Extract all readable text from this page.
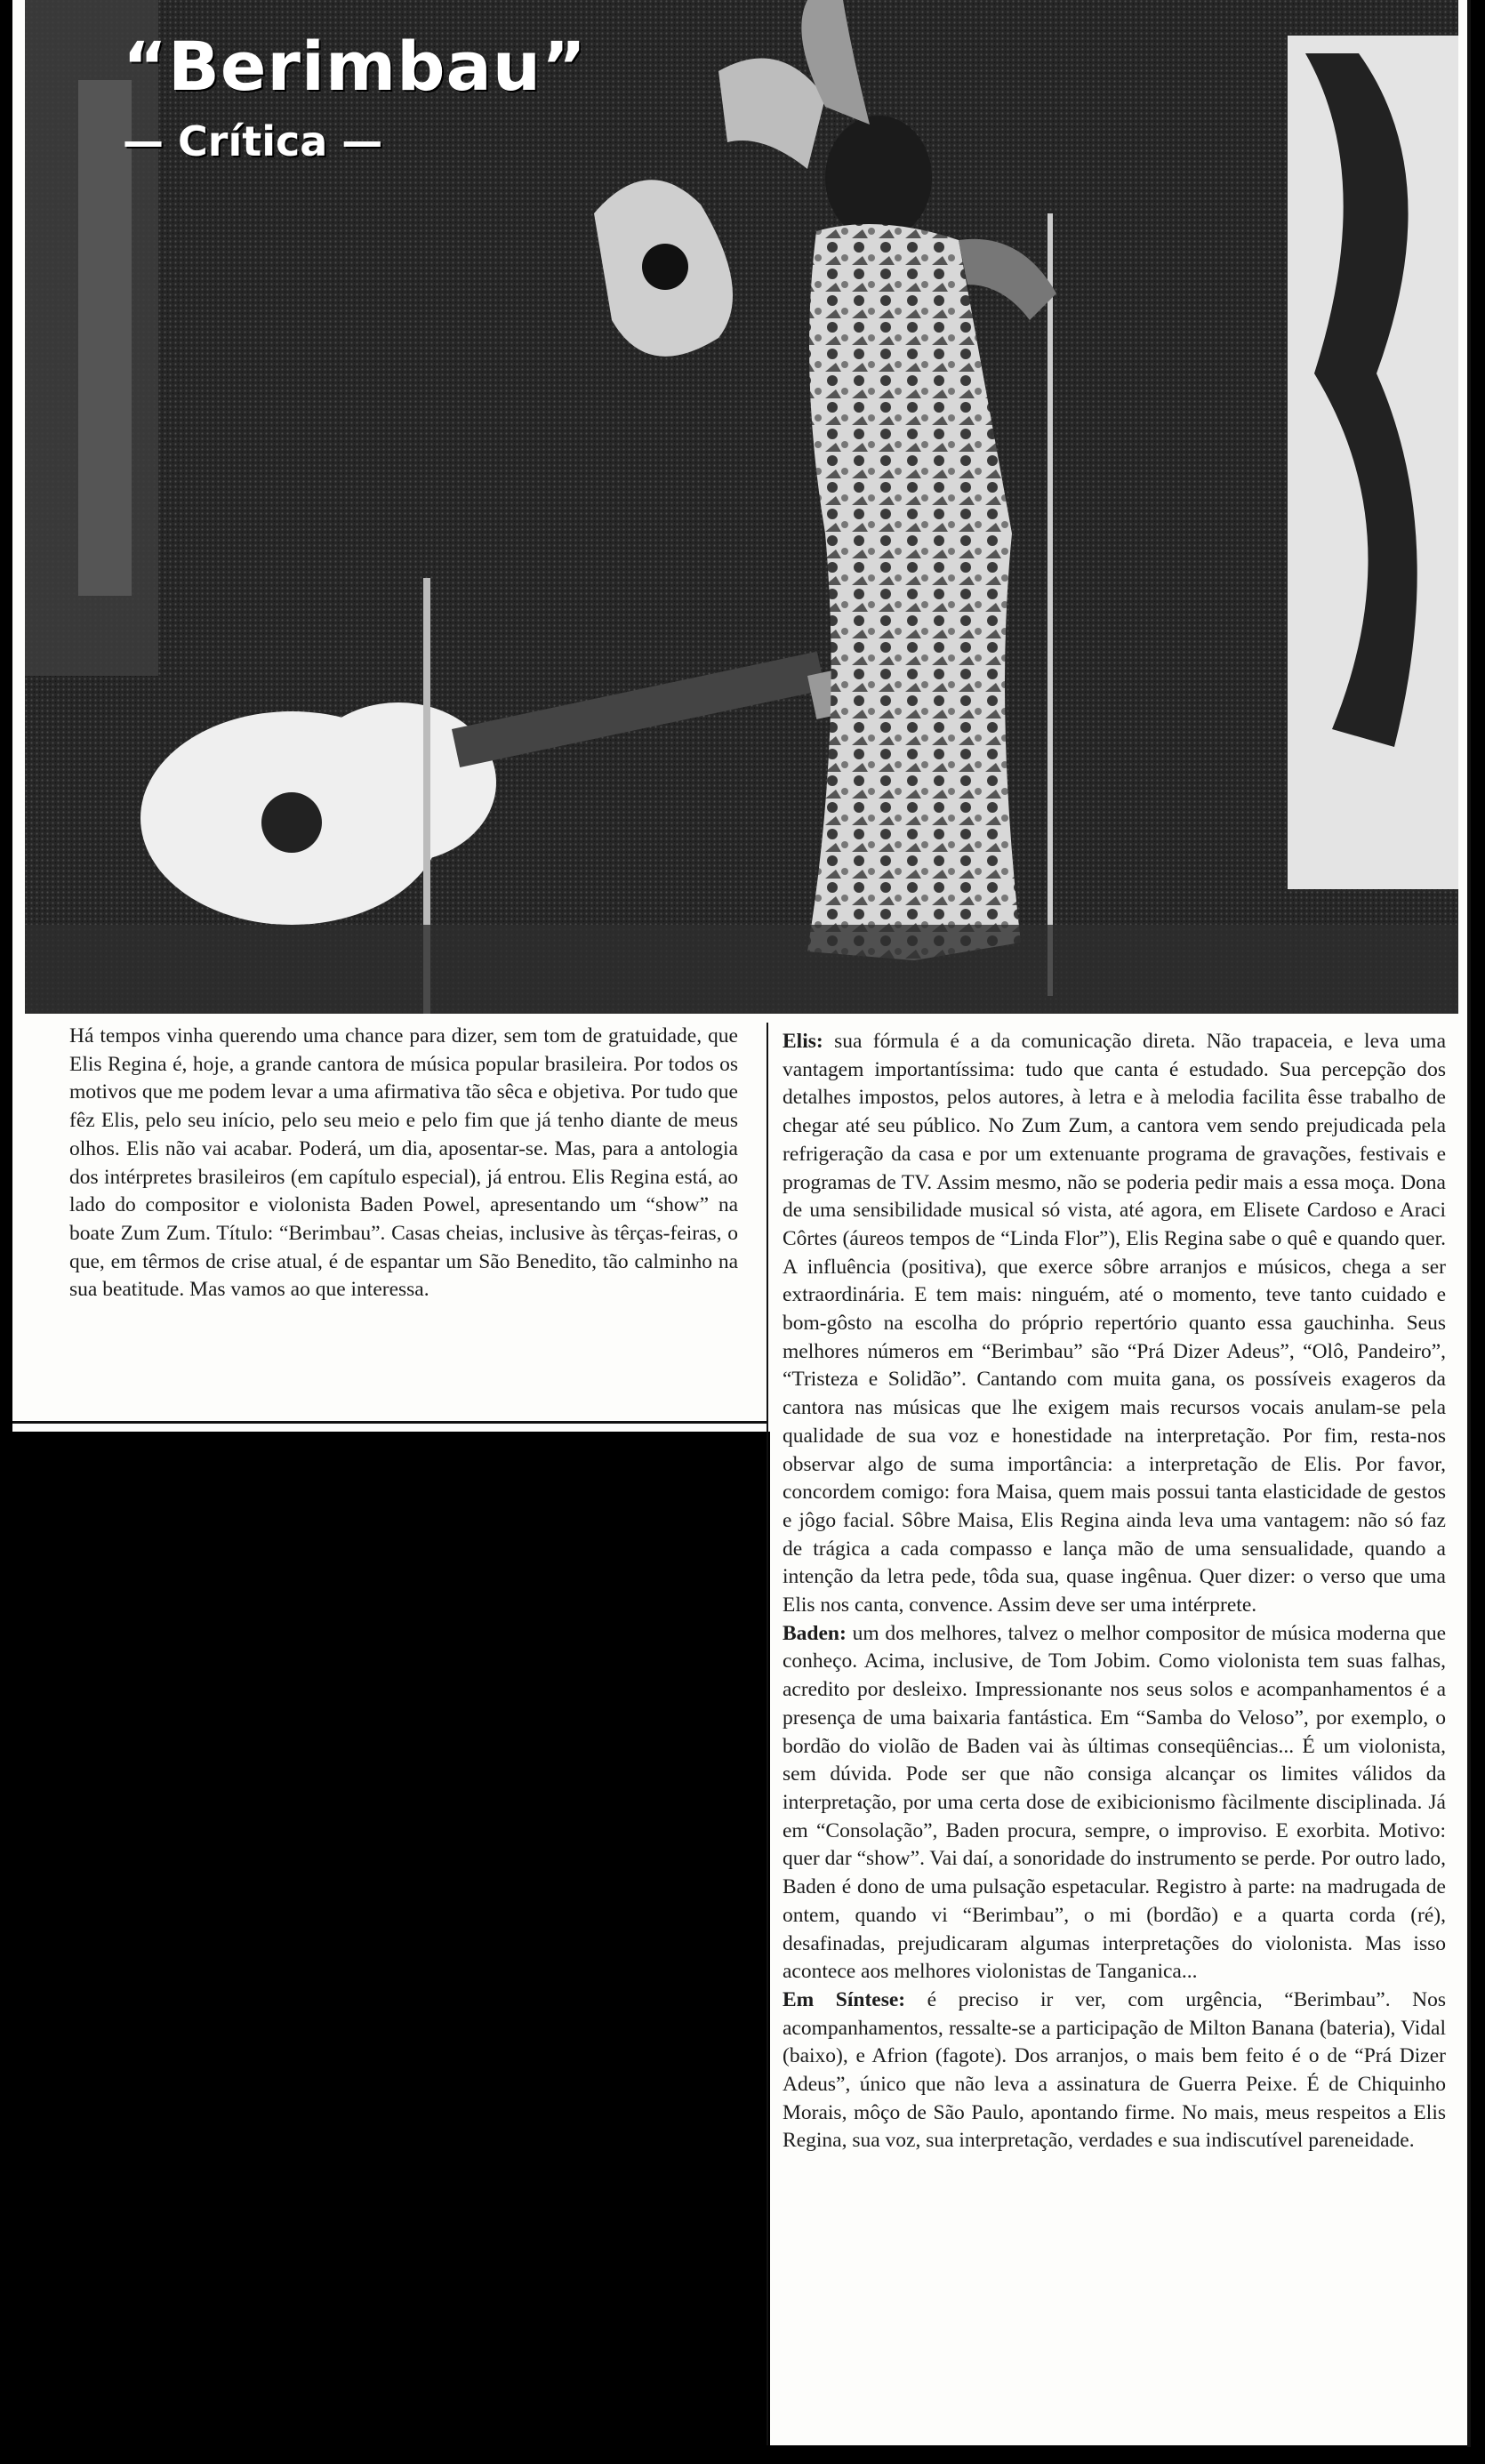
“Berimbau”
— Crítica —

Há tempos vinha querendo uma chance para dizer, sem tom de gratuidade, que Elis Regina é, hoje, a grande cantora de música popular brasileira. Por todos os motivos que me podem levar a uma afirmativa tão sêca e objetiva. Por tudo que fêz Elis, pelo seu início, pelo seu meio e pelo fim que já tenho diante de meus olhos. Elis não vai acabar. Poderá, um dia, aposentar-se. Mas, para a antologia dos intérpretes brasileiros (em capítulo especial), já entrou. Elis Regina está, ao lado do compositor e violonista Baden Powel, apresentando um “show” na boate Zum Zum. Título: “Berimbau”. Casas cheias, inclusive às têrças-feiras, o que, em têrmos de crise atual, é de espantar um São Benedito, tão calminho na sua beatitude. Mas vamos ao que interessa.

Elis: sua fórmula é a da comunicação direta. Não trapaceia, e leva uma vantagem importantíssima: tudo que canta é estudado. Sua percepção dos detalhes impostos, pelos autores, à letra e à melodia facilita êsse trabalho de chegar até seu público. No Zum Zum, a cantora vem sendo prejudicada pela refrigeração da casa e por um extenuante programa de gravações, festivais e programas de TV. Assim mesmo, não se poderia pedir mais a essa moça. Dona de uma sensibilidade musical só vista, até agora, em Elisete Cardoso e Araci Côrtes (áureos tempos de “Linda Flor”), Elis Regina sabe o quê e quando quer. A influência (positiva), que exerce sôbre arranjos e músicos, chega a ser extraordinária. E tem mais: ninguém, até o momento, teve tanto cuidado e bom-gôsto na escolha do próprio repertório quanto essa gauchinha. Seus melhores números em “Berimbau” são “Prá Dizer Adeus”, “Olô, Pandeiro”, “Tristeza e Solidão”. Cantando com muita gana, os possíveis exageros da cantora nas músicas que lhe exigem mais recursos vocais anulam-se pela qualidade de sua voz e honestidade na interpretação. Por fim, resta-nos observar algo de suma importância: a interpretação de Elis. Por favor, concordem comigo: fora Maisa, quem mais possui tanta elasticidade de gestos e jôgo facial. Sôbre Maisa, Elis Regina ainda leva uma vantagem: não só faz de trágica a cada compasso e lança mão de uma sensualidade, quando a intenção da letra pede, tôda sua, quase ingênua. Quer dizer: o verso que uma Elis nos canta, convence. Assim deve ser uma intérprete.

Baden: um dos melhores, talvez o melhor compositor de música moderna que conheço. Acima, inclusive, de Tom Jobim. Como violonista tem suas falhas, acredito por desleixo. Impressionante nos seus solos e acompanhamentos é a presença de uma baixaria fantástica. Em “Samba do Veloso”, por exemplo, o bordão do violão de Baden vai às últimas conseqüências... É um violonista, sem dúvida. Pode ser que não consiga alcançar os limites válidos da interpretação, por uma certa dose de exibicionismo fàcilmente disciplinada. Já em “Consolação”, Baden procura, sempre, o improviso. E exorbita. Motivo: quer dar “show”. Vai daí, a sonoridade do instrumento se perde. Por outro lado, Baden é dono de uma pulsação espetacular. Registro à parte: na madrugada de ontem, quando vi “Berimbau”, o mi (bordão) e a quarta corda (ré), desafinadas, prejudicaram algumas interpretações do violonista. Mas isso acontece aos melhores violonistas de Tanganica...

Em Síntese: é preciso ir ver, com urgência, “Berimbau”. Nos acompanhamentos, ressalte-se a participação de Milton Banana (bateria), Vidal (baixo), e Afrion (fagote). Dos arranjos, o mais bem feito é o de “Prá Dizer Adeus”, único que não leva a assinatura de Guerra Peixe. É de Chiquinho Morais, môço de São Paulo, apontando firme. No mais, meus respeitos a Elis Regina, sua voz, sua interpretação, verdades e sua indiscutível pareneidade.
